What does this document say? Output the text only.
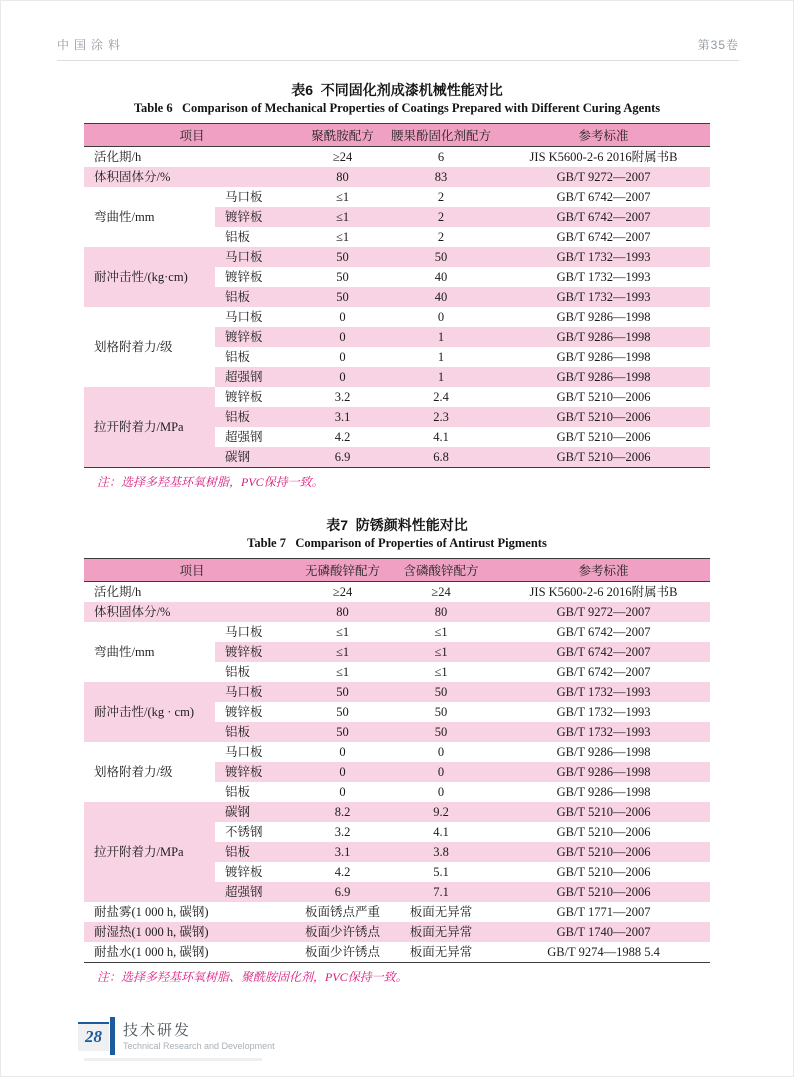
中国涂料	第35卷
表6  不同固化剂成漆机械性能对比
Table 6   Comparison of Mechanical Properties of Coatings Prepared with Different Curing Agents
项目		聚酰胺配方	腰果酚固化剂配方	参考标准
活化期/h		≥24	6	JIS K5600-2-6 2016附属书B
体积固体分/%		80	83	GB/T 9272—2007
弯曲性/mm	马口板	≤1	2	GB/T 6742—2007
	镀锌板	≤1	2	GB/T 6742—2007
	铝板	≤1	2	GB/T 6742—2007
耐冲击性/(kg·cm)	马口板	50	50	GB/T 1732—1993
	镀锌板	50	40	GB/T 1732—1993
	铝板	50	40	GB/T 1732—1993
划格附着力/级	马口板	0	0	GB/T 9286—1998
	镀锌板	0	1	GB/T 9286—1998
	铝板	0	1	GB/T 9286—1998
	超强钢	0	1	GB/T 9286—1998
拉开附着力/MPa	镀锌板	3.2	2.4	GB/T 5210—2006
	铝板	3.1	2.3	GB/T 5210—2006
	超强钢	4.2	4.1	GB/T 5210—2006
	碳钢	6.9	6.8	GB/T 5210—2006
注：选择多羟基环氧树脂，PVC保持一致。
表7  防锈颜料性能对比
Table 7   Comparison of Properties of Antirust Pigments
项目		无磷酸锌配方	含磷酸锌配方	参考标准
活化期/h		≥24	≥24	JIS K5600-2-6 2016附属书B
体积固体分/%		80	80	GB/T 9272—2007
弯曲性/mm	马口板	≤1	≤1	GB/T 6742—2007
	镀锌板	≤1	≤1	GB/T 6742—2007
	铝板	≤1	≤1	GB/T 6742—2007
耐冲击性/(kg · cm)	马口板	50	50	GB/T 1732—1993
	镀锌板	50	50	GB/T 1732—1993
	铝板	50	50	GB/T 1732—1993
划格附着力/级	马口板	0	0	GB/T 9286—1998
	镀锌板	0	0	GB/T 9286—1998
	铝板	0	0	GB/T 9286—1998
拉开附着力/MPa	碳钢	8.2	9.2	GB/T 5210—2006
	不锈钢	3.2	4.1	GB/T 5210—2006
	铝板	3.1	3.8	GB/T 5210—2006
	镀锌板	4.2	5.1	GB/T 5210—2006
	超强钢	6.9	7.1	GB/T 5210—2006
耐盐雾(1 000 h, 碳钢)		板面锈点严重	板面无异常	GB/T 1771—2007
耐湿热(1 000 h, 碳钢)		板面少许锈点	板面无异常	GB/T 1740—2007
耐盐水(1 000 h, 碳钢)		板面少许锈点	板面无异常	GB/T 9274—1988 5.4
注：选择多羟基环氧树脂、聚酰胺固化剂，PVC保持一致。
28	技术研发
Technical Research and Development
